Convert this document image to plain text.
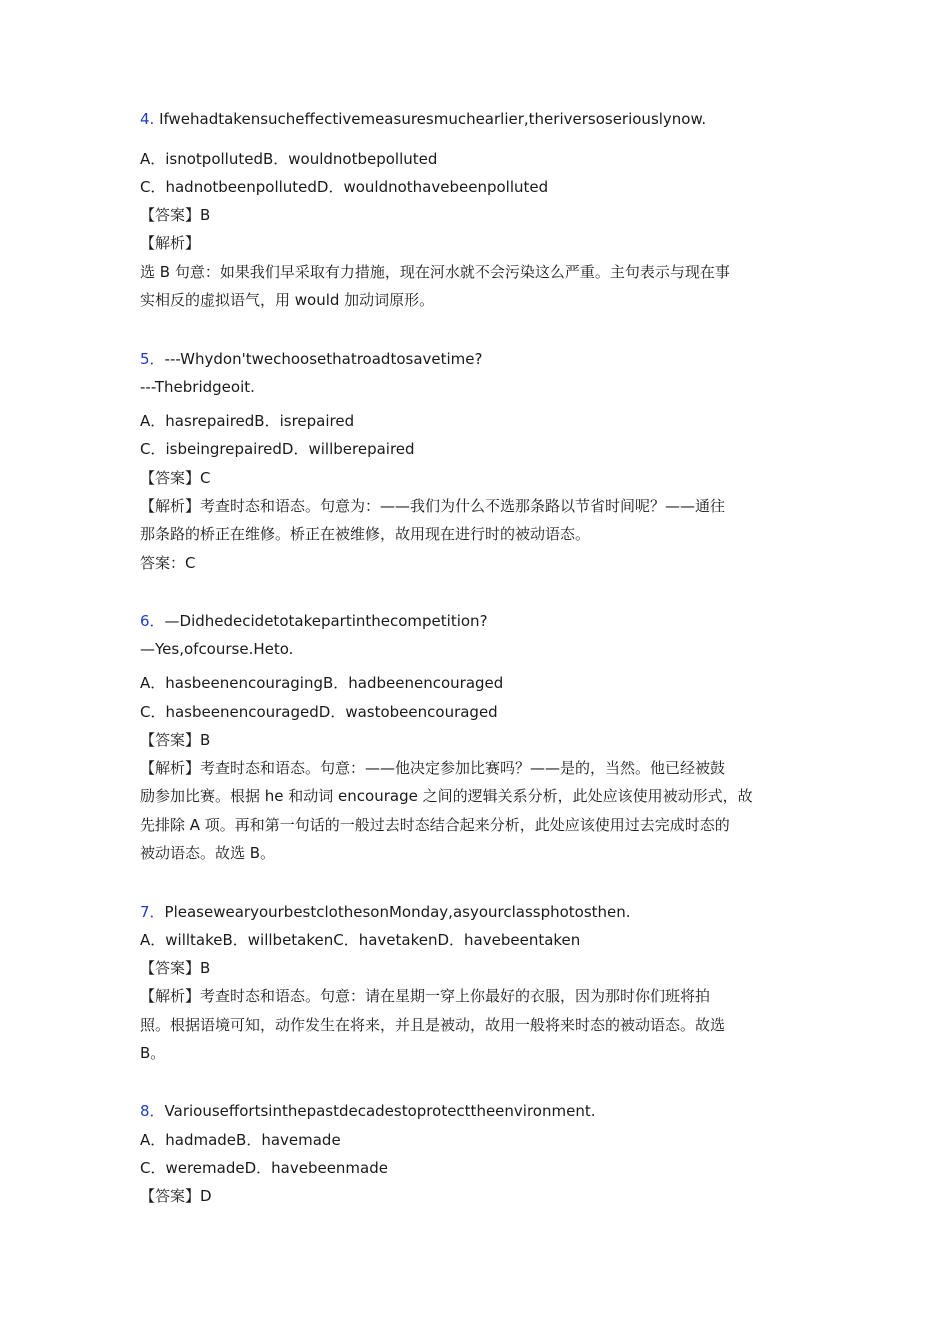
4. Ifwehadtakensucheffectivemeasuresmuchearlier,theriversoseriouslynow.
A．isnotpollutedB．wouldnotbepolluted
C．hadnotbeenpollutedD．wouldnothavebeenpolluted
【答案】B
【解析】
选 B 句意：如果我们早采取有力措施，现在河水就不会污染这么严重。主句表示与现在事
实相反的虚拟语气，用 would 加动词原形。
5．---Whydon'twechoosethatroadtosavetime?
---Thebridgeoit.
A．hasrepairedB．isrepaired
C．isbeingrepairedD．willberepaired
【答案】C
【解析】考查时态和语态。句意为：——我们为什么不选那条路以节省时间呢？——通往
那条路的桥正在维修。桥正在被维修，故用现在进行时的被动语态。
答案：C
6．—Didhedecidetotakepartinthecompetition?
—Yes,ofcourse.Heto.
A．hasbeenencouragingB．hadbeenencouraged
C．hasbeenencouragedD．wastobeencouraged
【答案】B
【解析】考查时态和语态。句意：——他决定参加比赛吗？——是的，当然。他已经被鼓
励参加比赛。根据 he 和动词 encourage 之间的逻辑关系分析，此处应该使用被动形式，故
先排除 A 项。再和第一句话的一般过去时态结合起来分析，此处应该使用过去完成时态的
被动语态。故选 B。
7．PleasewearyourbestclothesonMonday,asyourclassphotosthen.
A．willtakeB．willbetakenC．havetakenD．havebeentaken
【答案】B
【解析】考查时态和语态。句意：请在星期一穿上你最好的衣服，因为那时你们班将拍
照。根据语境可知，动作发生在将来，并且是被动，故用一般将来时态的被动语态。故选
B。
8．Variouseffortsinthepastdecadestoprotecttheenvironment.
A．hadmadeB．havemade
C．weremadeD．havebeenmade
【答案】D
